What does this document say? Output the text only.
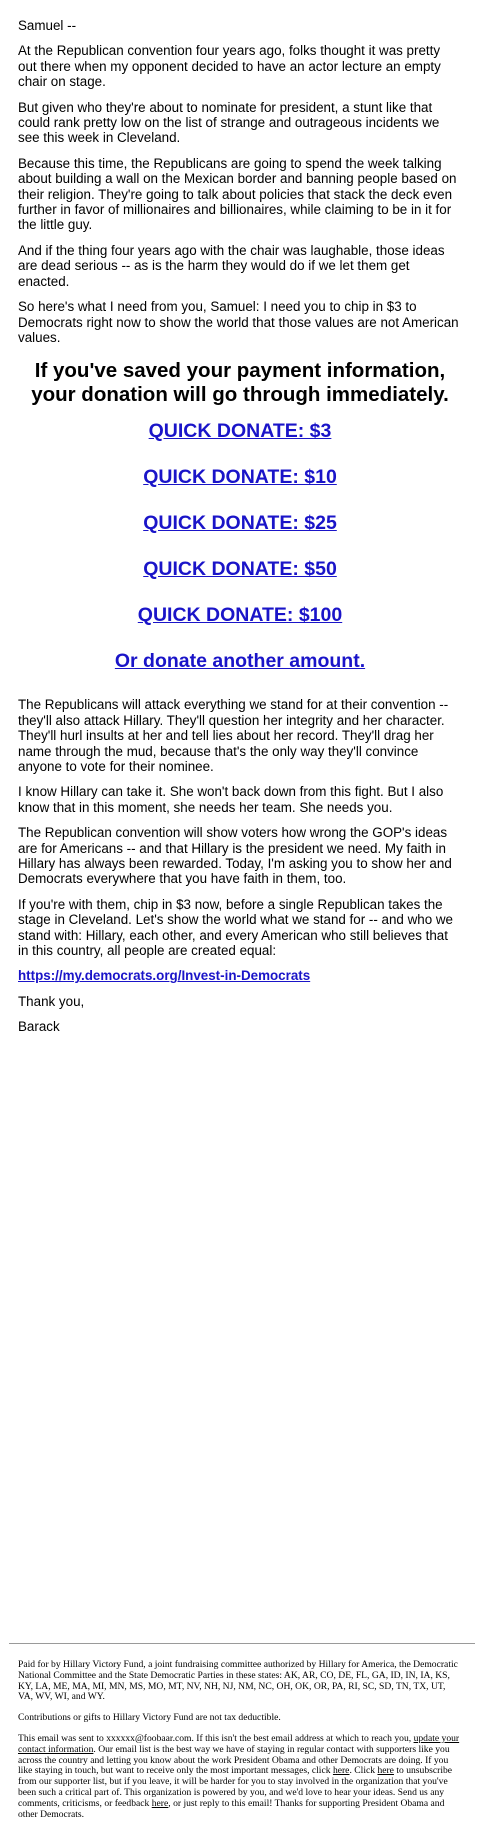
Samuel --

At the Republican convention four years ago, folks thought it was pretty out there when my opponent decided to have an actor lecture an empty chair on stage.

But given who they're about to nominate for president, a stunt like that could rank pretty low on the list of strange and outrageous incidents we see this week in Cleveland.

Because this time, the Republicans are going to spend the week talking about building a wall on the Mexican border and banning people based on their religion. They're going to talk about policies that stack the deck even further in favor of millionaires and billionaires, while claiming to be in it for the little guy.

And if the thing four years ago with the chair was laughable, those ideas are dead serious -- as is the harm they would do if we let them get enacted.

So here's what I need from you, Samuel: I need you to chip in $3 to Democrats right now to show the world that those values are not American values.

If you've saved your payment information, your donation will go through immediately.
QUICK DONATE: $3
QUICK DONATE: $10
QUICK DONATE: $25
QUICK DONATE: $50
QUICK DONATE: $100
Or donate another amount.

The Republicans will attack everything we stand for at their convention -- they'll also attack Hillary. They'll question her integrity and her character. They'll hurl insults at her and tell lies about her record. They'll drag her name through the mud, because that's the only way they'll convince anyone to vote for their nominee.

I know Hillary can take it. She won't back down from this fight. But I also know that in this moment, she needs her team. She needs you.

The Republican convention will show voters how wrong the GOP's ideas are for Americans -- and that Hillary is the president we need. My faith in Hillary has always been rewarded. Today, I'm asking you to show her and Democrats everywhere that you have faith in them, too.

If you're with them, chip in $3 now, before a single Republican takes the stage in Cleveland. Let's show the world what we stand for -- and who we stand with: Hillary, each other, and every American who still believes that in this country, all people are created equal:

https://my.democrats.org/Invest-in-Democrats

Thank you,

Barack

Paid for by Hillary Victory Fund, a joint fundraising committee authorized by Hillary for America, the Democratic National Committee and the State Democratic Parties in these states: AK, AR, CO, DE, FL, GA, ID, IN, IA, KS, KY, LA, ME, MA, MI, MN, MS, MO, MT, NV, NH, NJ, NM, NC, OH, OK, OR, PA, RI, SC, SD, TN, TX, UT, VA, WV, WI, and WY.

Contributions or gifts to Hillary Victory Fund are not tax deductible.

This email was sent to xxxxxx@foobaar.com. If this isn't the best email address at which to reach you, update your contact information. Our email list is the best way we have of staying in regular contact with supporters like you across the country and letting you know about the work President Obama and other Democrats are doing. If you like staying in touch, but want to receive only the most important messages, click here. Click here to unsubscribe from our supporter list, but if you leave, it will be harder for you to stay involved in the organization that you've been such a critical part of. This organization is powered by you, and we'd love to hear your ideas. Send us any comments, criticisms, or feedback here, or just reply to this email! Thanks for supporting President Obama and other Democrats.
